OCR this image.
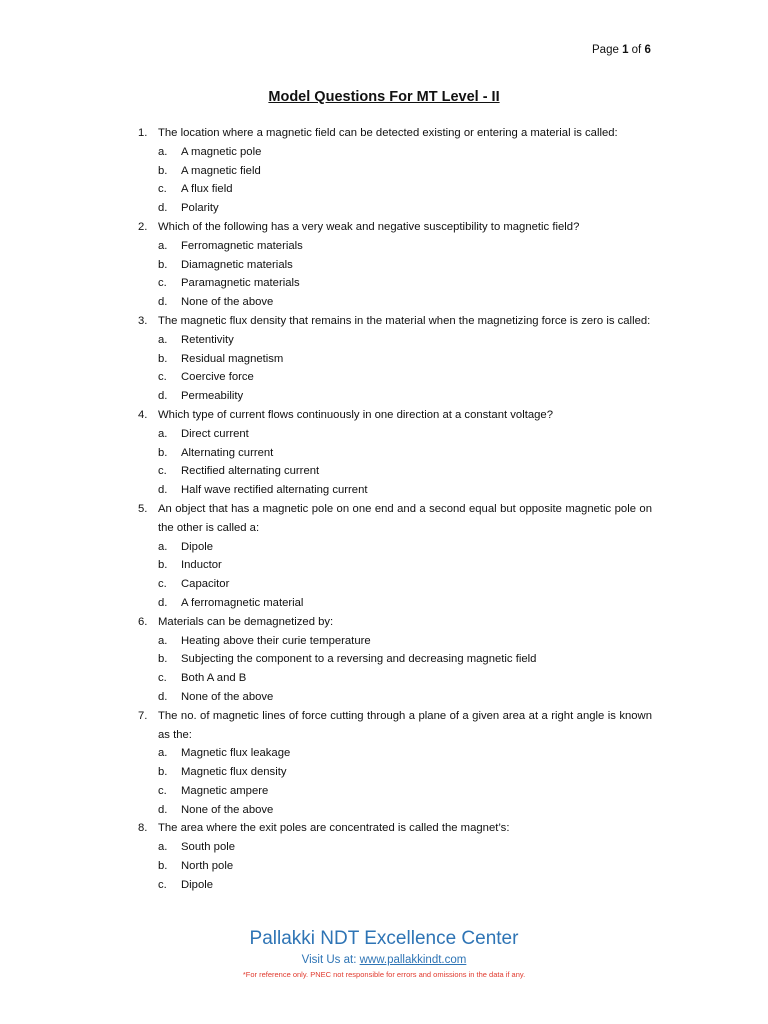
Page 1 of 6
Model Questions For MT Level - II
1. The location where a magnetic field can be detected existing or entering a material is called:
a.	A magnetic pole
b.	A magnetic field
c.	A flux field
d.	Polarity
2. Which of the following has a very weak and negative susceptibility to magnetic field?
a.	Ferromagnetic materials
b.	Diamagnetic materials
c.	Paramagnetic materials
d.	None of the above
3. The magnetic flux density that remains in the material when the magnetizing force is zero is called:
a.	Retentivity
b.	Residual magnetism
c.	Coercive force
d.	Permeability
4. Which type of current flows continuously in one direction at a constant voltage?
a.	Direct current
b.	Alternating current
c.	Rectified alternating current
d.	Half wave rectified alternating current
5. An object that has a magnetic pole on one end and a second equal but opposite magnetic pole on the other is called a:
a.	Dipole
b.	Inductor
c.	Capacitor
d.	A ferromagnetic material
6. Materials can be demagnetized by:
a.	Heating above their curie temperature
b.	Subjecting the component to a reversing and decreasing magnetic field
c.	Both A and B
d.	None of the above
7. The no. of magnetic lines of force cutting through a plane of a given area at a right angle is known as the:
a.	Magnetic flux leakage
b.	Magnetic flux density
c.	Magnetic ampere
d.	None of the above
8. The area where the exit poles are concentrated is called the magnet’s:
a.	South pole
b.	North pole
c.	Dipole
Pallakki NDT Excellence Center
Visit Us at: www.pallakkindt.com
*For reference only. PNEC not responsible for errors and omissions in the data if any.
